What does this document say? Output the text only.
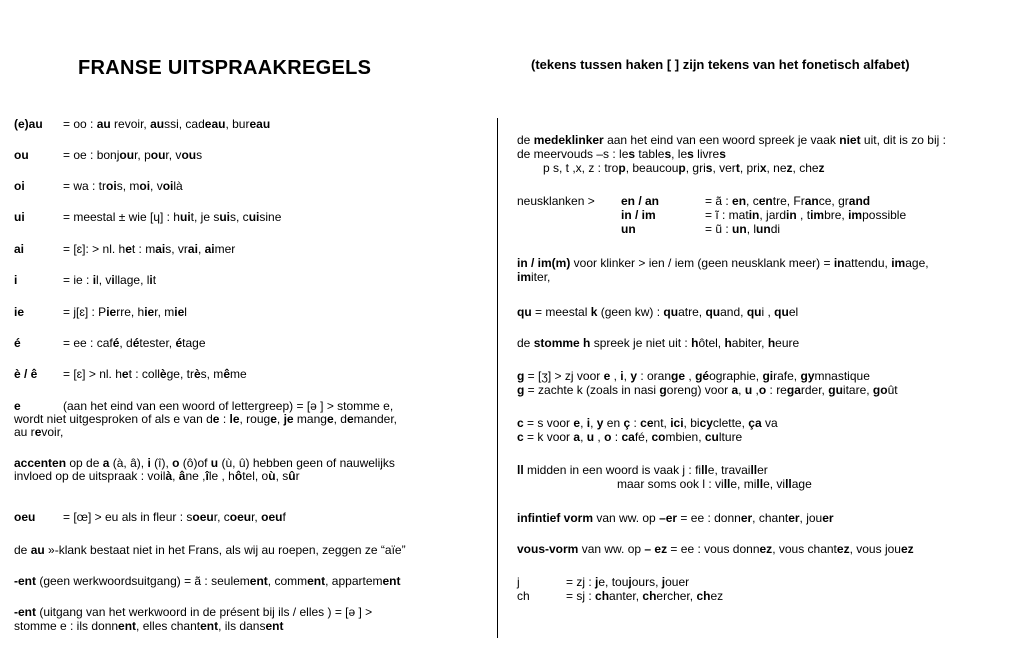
FRANSE UITSPRAAKREGELS	(tekens tussen haken [ ] zijn tekens van het fonetisch alfabet)
(e)au = oo : au revoir, aussi, cadeau, bureau
ou	= oe : bonjour, pour, vous
oi	= wa : trois, moi, voilà
ui	= meestal ± wie [ɥ] : huit, je suis, cuisine
ai	= [ɛ]: > nl. het : mais, vrai, aimer
i	= ie : il, village, lit
ie	= j[ɛ] : Pierre, hier, miel
é	= ee : café, détester, étage
è / ê = [ɛ] > nl. het : collège, très, même
e	(aan het eind van een woord of lettergreep) = [ə ] > stomme e,
wordt niet uitgesproken of als e van de : le, rouge, je mange, demander,
au revoir,
accenten op de a (à, â), i (î), o (ô)of u (ù, û) hebben geen of nauwelijks
invloed op de uitspraak : voilà, âne ,île , hôtel, où, sûr
oeu = [œ] > eu als in fleur : soeur, coeur, oeuf
de au »-klank bestaat niet in het Frans, als wij au roepen, zeggen ze “aïe”
-ent (geen werkwoordsuitgang) = ã : seulement, comment, appartement
-ent (uitgang van het werkwoord in de présent bij ils / elles ) = [ə ] >
stomme e : ils donnent, elles chantent, ils dansent
de medeklinker aan het eind van een woord spreek je vaak niet uit, dit is zo bij :
de meervouds –s : les tables, les livres
p s, t ,x, z : trop, beaucoup, gris, vert, prix, nez, chez
neusklanken > en / an	= ã : en, centre, France, grand
in / im	= ĩ : matin, jardin , timbre, impossible
un	= ũ : un, lundi
in / im(m) voor klinker > ien / iem (geen neusklank meer) = inattendu, image,
imiter,
qu = meestal k (geen kw) : quatre, quand, qui , quel
de stomme h spreek je niet uit : hôtel, habiter, heure
g = [ʒ] > zj voor e , i, y : orange , géographie, girafe, gymnastique
g = zachte k (zoals in nasi goreng) voor a, u ,o : regarder, guitare, goût
c = s voor e, i, y en ç : cent, ici, bicyclette, ça va
c = k voor a, u , o : café, combien, culture
ll midden in een woord is vaak j : fille, travailler
maar soms ook l : ville, mille, village
infintief vorm van ww. op –er = ee : donner, chanter, jouer
vous-vorm van ww. op – ez = ee : vous donnez, vous chantez, vous jouez
j	= zj : je, toujours, jouer
ch	= sj : chanter, chercher, chez
